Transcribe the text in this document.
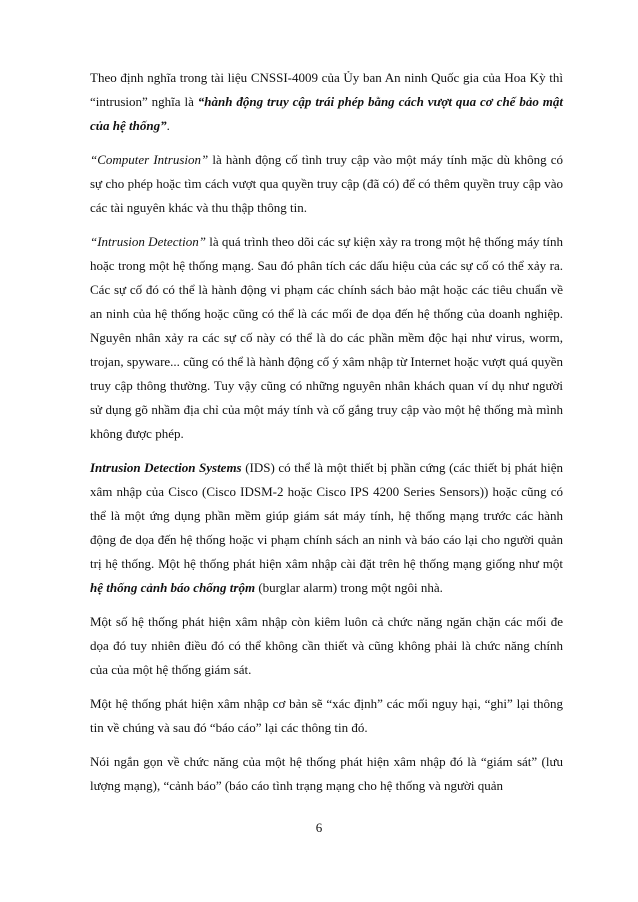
Theo định nghĩa trong tài liệu CNSSI-4009 của Ủy ban An ninh Quốc gia của Hoa Kỳ thì “intrusion” nghĩa là “hành động truy cập trái phép bằng cách vượt qua cơ chế bảo mật của hệ thống”.

“Computer Intrusion” là hành động cố tình truy cập vào một máy tính mặc dù không có sự cho phép hoặc tìm cách vượt qua quyền truy cập (đã có) để có thêm quyền truy cập vào các tài nguyên khác và thu thập thông tin.

“Intrusion Detection” là quá trình theo dõi các sự kiện xảy ra trong một hệ thống máy tính hoặc trong một hệ thống mạng. Sau đó phân tích các dấu hiệu của các sự cố có thể xảy ra. Các sự cố đó có thể là hành động vi phạm các chính sách bảo mật hoặc các tiêu chuẩn về an ninh của hệ thống hoặc cũng có thể là các mối đe dọa đến hệ thống của doanh nghiệp. Nguyên nhân xảy ra các sự cố này có thể là do các phần mềm độc hại như virus, worm, trojan, spyware... cũng có thể là hành động cố ý xâm nhập từ Internet hoặc vượt quá quyền truy cập thông thường. Tuy vậy cũng có những nguyên nhân khách quan ví dụ như người sử dụng gõ nhầm địa chỉ của một máy tính và cố gắng truy cập vào một hệ thống mà mình không được phép.

Intrusion Detection Systems (IDS) có thể là một thiết bị phần cứng (các thiết bị phát hiện xâm nhập của Cisco (Cisco IDSM-2 hoặc Cisco IPS 4200 Series Sensors)) hoặc cũng có thể là một ứng dụng phần mềm giúp giám sát máy tính, hệ thống mạng trước các hành động đe dọa đến hệ thống hoặc vi phạm chính sách an ninh và báo cáo lại cho người quản trị hệ thống. Một hệ thống phát hiện xâm nhập cài đặt trên hệ thống mạng giống như một hệ thống cảnh báo chống trộm (burglar alarm) trong một ngôi nhà.

Một số hệ thống phát hiện xâm nhập còn kiêm luôn cả chức năng ngăn chặn các mối đe dọa đó tuy nhiên điều đó có thể không cần thiết và cũng không phải là chức năng chính của của một hệ thống giám sát.

Một hệ thống phát hiện xâm nhập cơ bản sẽ “xác định” các mối nguy hại, “ghi” lại thông tin về chúng và sau đó “báo cáo” lại các thông tin đó.

Nói ngắn gọn về chức năng của một hệ thống phát hiện xâm nhập đó là “giám sát” (lưu lượng mạng), “cảnh báo” (báo cáo tình trạng mạng cho hệ thống và người quản

6
